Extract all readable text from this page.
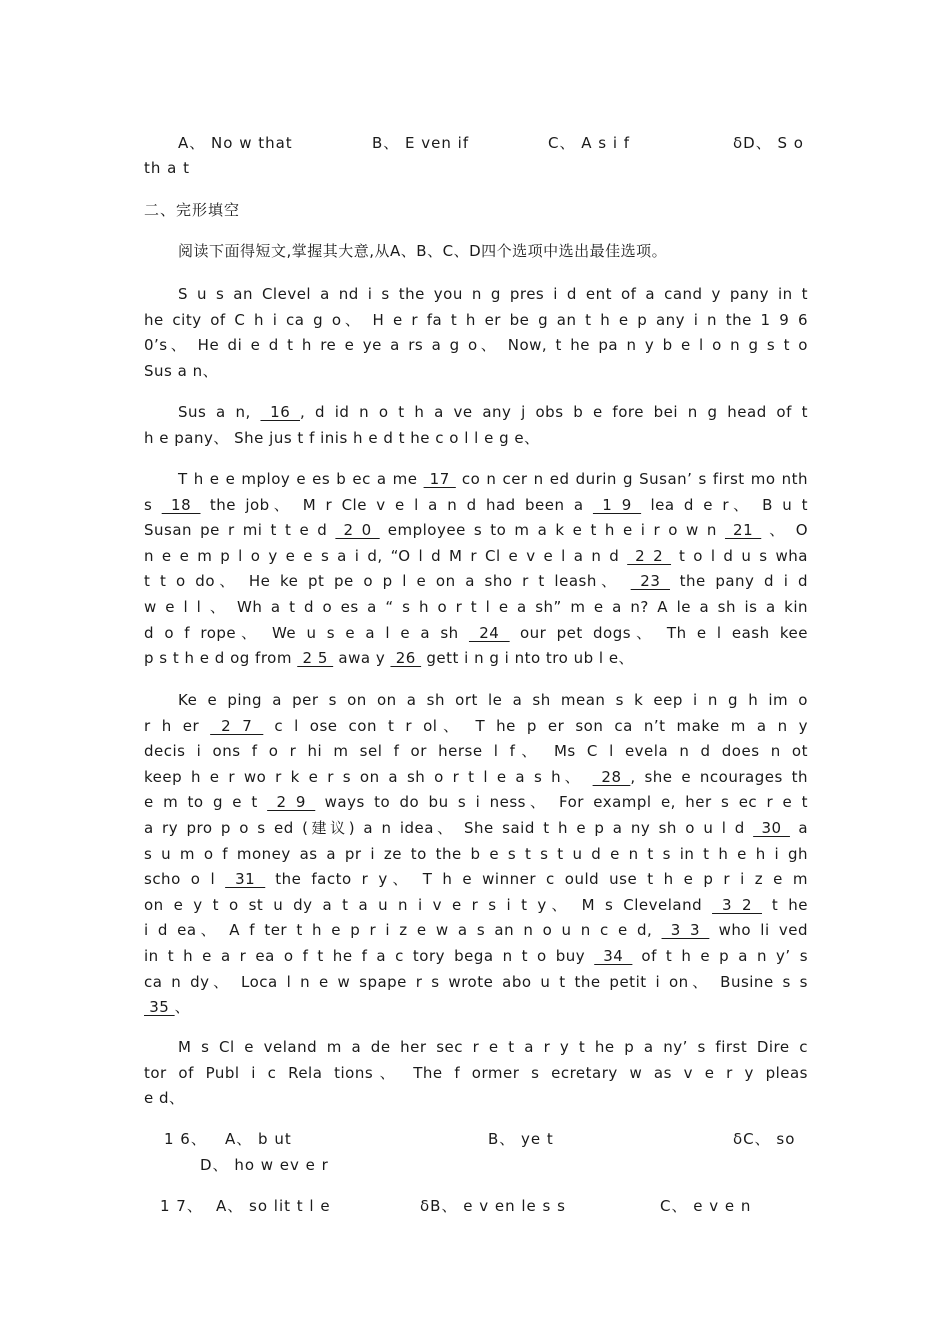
A、 No w that	B、 E ven if	C、 A s i f	δD、 S o
th a t
二、完形填空
阅读下面得短文,掌握其大意,从A、B、C、D四个选项中选出最佳选项。
S u s an Clevel a nd i s the you n g pres i d ent of a cand y pany in t
he city of C h i ca g o、 H e r fa t h er be g an t h e p any i n the 1 9 6
0’s、 He di e d t h re e ye a rs a g o、 Now, t he pa n y b e l o n g s t o
Sus a n、
Sus a n,  16 , d id n o t h a ve any j obs b e fore bei n g head of t
h e pany、 She jus t f inis h e d t he c o l l e g e、
T h e e mploy e es b ec a me  17  co n cer n ed durin g Susan’ s first mo nth
s  18  the job、 M r Cle v e l a n d had been a  1 9  lea d e r、 B u t
Susan pe r mi t t e d  2 0  employee s to m a k e t h e i r o w n  21  、 O
n e e m p l o y e e s a i d, “O l d M r Cl e v e l a n d  2 2  t o l d u s wha
t t o do、 He ke pt pe o p l e on a sho r t leash、  23  the pany d i d
w e l l 、 Wh a t d o es a “ s h o r t l e a sh” m e a n? A le a sh is a kin
d o f rope、 We u s e a l e a sh  24  our pet dogs、 Th e l eash kee
p s t h e d og from  2 5  awa y  26  gett i n g i nto tro ub l e、
Ke e ping a per s on on a sh ort le a sh mean s k eep i n g h im o
r h er  2 7  c l ose con t r ol、 T he p er son ca n’t make m a n y
decis i ons f o r hi m sel f or herse l f、 Ms C l evela n d does n ot
keep h e r wo r k e r s on a sh o r t l e a s h、  28 , she e ncourages th
e m to g e t  2 9  ways to do bu s i ness、 For exampl e, her s ec r e t
a ry pro p o s ed (建议) a n idea、 She said t h e p a ny sh o u l d  30  a
s u m o f money as a pr i ze to the b e s t s t u d e n t s in t h e h i gh
scho o l  31  the facto r y、 T h e winner c ould use t h e p r i z e m
on e y t o st u dy a t a u n i v e r s i t y、 M s Cleveland  3 2  t he
i d ea、 A f ter t h e p r i z e w a s an n o u n c e d,  3 3  who li ved
in t h e a r ea o f t he f a c tory bega n t o buy  34  of t h e p a n y’ s
ca n dy、 Loca l n e w spape r s wrote abo u t the petit i on、 Busine s s
35 、
M s Cl e veland m a de her sec r e t a r y t he p a ny’ s first Dire c
tor of Publ i c Rela tions、 The f ormer s ecretary w as v e r y pleas
e d、
1 6、 A、 b ut	B、 ye t	δC、 so
D、 ho w ev e r
1 7、 A、 so lit t l e	δB、 e v en le s s	C、 e v e n
